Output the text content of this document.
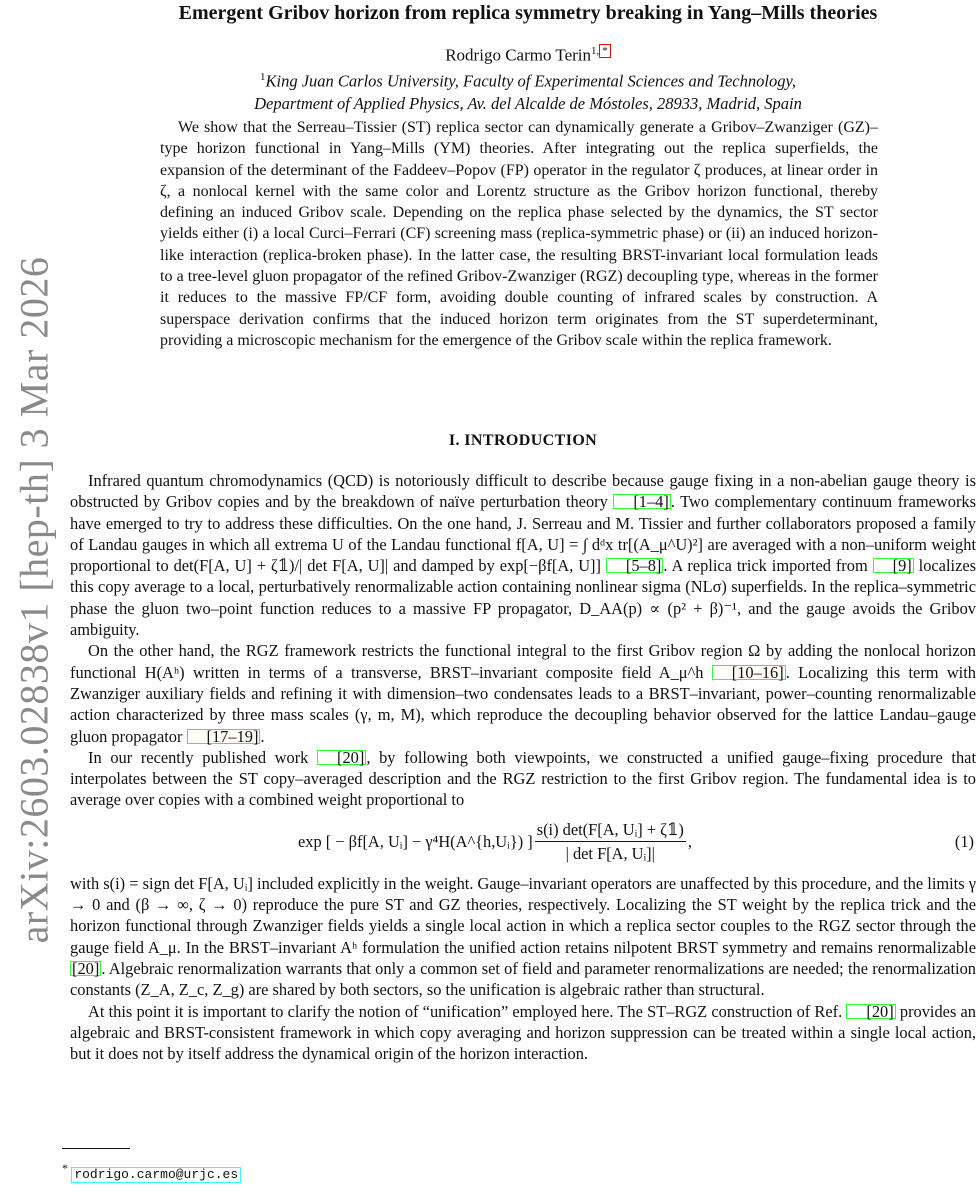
arXiv:2603.02838v1 [hep-th] 3 Mar 2026
Emergent Gribov horizon from replica symmetry breaking in Yang–Mills theories
Rodrigo Carmo Terin$^{1,}$ *
$^1$King Juan Carlos University, Faculty of Experimental Sciences and Technology,
Department of Applied Physics, Av. del Alcalde de Móstoles, 28933, Madrid, Spain
We show that the Serreau–Tissier (ST) replica sector can dynamically generate a Gribov–Zwanziger (GZ)–type horizon functional in Yang–Mills (YM) theories. After integrating out the replica superfields, the expansion of the determinant of the Faddeev–Popov (FP) operator in the regulator ζ produces, at linear order in ζ, a nonlocal kernel with the same color and Lorentz structure as the Gribov horizon functional, thereby defining an induced Gribov scale. Depending on the replica phase selected by the dynamics, the ST sector yields either (i) a local Curci–Ferrari (CF) screening mass (replica-symmetric phase) or (ii) an induced horizon-like interaction (replica-broken phase). In the latter case, the resulting BRST-invariant local formulation leads to a tree-level gluon propagator of the refined Gribov-Zwanziger (RGZ) decoupling type, whereas in the former it reduces to the massive FP/CF form, avoiding double counting of infrared scales by construction. A superspace derivation confirms that the induced horizon term originates from the ST superdeterminant, providing a microscopic mechanism for the emergence of the Gribov scale within the replica framework.
I. INTRODUCTION

Infrared quantum chromodynamics (QCD) is notoriously difficult to describe because gauge fixing in a non-abelian gauge theory is obstructed by Gribov copies and by the breakdown of naïve perturbation theory [1–4] . Two complementary continuum frameworks have emerged to try to address these difficulties. On the one hand, J. Serreau and M. Tissier and further collaborators proposed a family of Landau gauges in which all extrema U of the Landau functional f[A, U] = ∫ dᵈx tr[(A_μ^U)²] are averaged with a non–uniform weight proportional to det(F[A, U] + ζ𝟙)/| det F[A, U]| and damped by exp[−βf[A, U]] [5–8] . A replica trick imported from [9] localizes this copy average to a local, perturbatively renormalizable action containing nonlinear sigma (NLσ) superfields. In the replica–symmetric phase the gluon two–point function reduces to a massive FP propagator, D_AA(p) ∝ (p² + β)⁻¹, and the gauge avoids the Gribov ambiguity.

On the other hand, the RGZ framework restricts the functional integral to the first Gribov region Ω by adding the nonlocal horizon functional H(Aʰ) written in terms of a transverse, BRST–invariant composite field A_μ^h [10–16] . Localizing this term with Zwanziger auxiliary fields and refining it with dimension–two condensates leads to a BRST–invariant, power–counting renormalizable action characterized by three mass scales (γ, m, M), which reproduce the decoupling behavior observed for the lattice Landau–gauge gluon propagator [17–19] .

In our recently published work [20] , by following both viewpoints, we constructed a unified gauge–fixing procedure that interpolates between the ST copy–averaged description and the RGZ restriction to the first Gribov region. The fundamental idea is to average over copies with a combined weight proportional to

exp [ − βf[A, Uᵢ] − γ⁴H(A^{h,Uᵢ}) ] $\frac{\text{s(i) det(F[A, Uᵢ] + ζ𝟙)}}{\text{| det F[A, Uᵢ]|}}$ ,	(1)

with s(i) = sign det F[A, Uᵢ] included explicitly in the weight. Gauge–invariant operators are unaffected by this procedure, and the limits γ → 0 and (β → ∞, ζ → 0) reproduce the pure ST and GZ theories, respectively. Localizing the ST weight by the replica trick and the horizon functional through Zwanziger fields yields a single local action in which a replica sector couples to the RGZ sector through the gauge field A_μ. In the BRST–invariant Aʰ formulation the unified action retains nilpotent BRST symmetry and remains renormalizable [20] . Algebraic renormalization warrants that only a common set of field and parameter renormalizations are needed; the renormalization constants (Z_A, Z_c, Z_g) are shared by both sectors, so the unification is algebraic rather than structural.

At this point it is important to clarify the notion of “unification” employed here. The ST–RGZ construction of Ref. [20] provides an algebraic and BRST-consistent framework in which copy averaging and horizon suppression can be treated within a single local action, but it does not by itself address the dynamical origin of the horizon interaction.

* rodrigo.carmo@urjc.es
